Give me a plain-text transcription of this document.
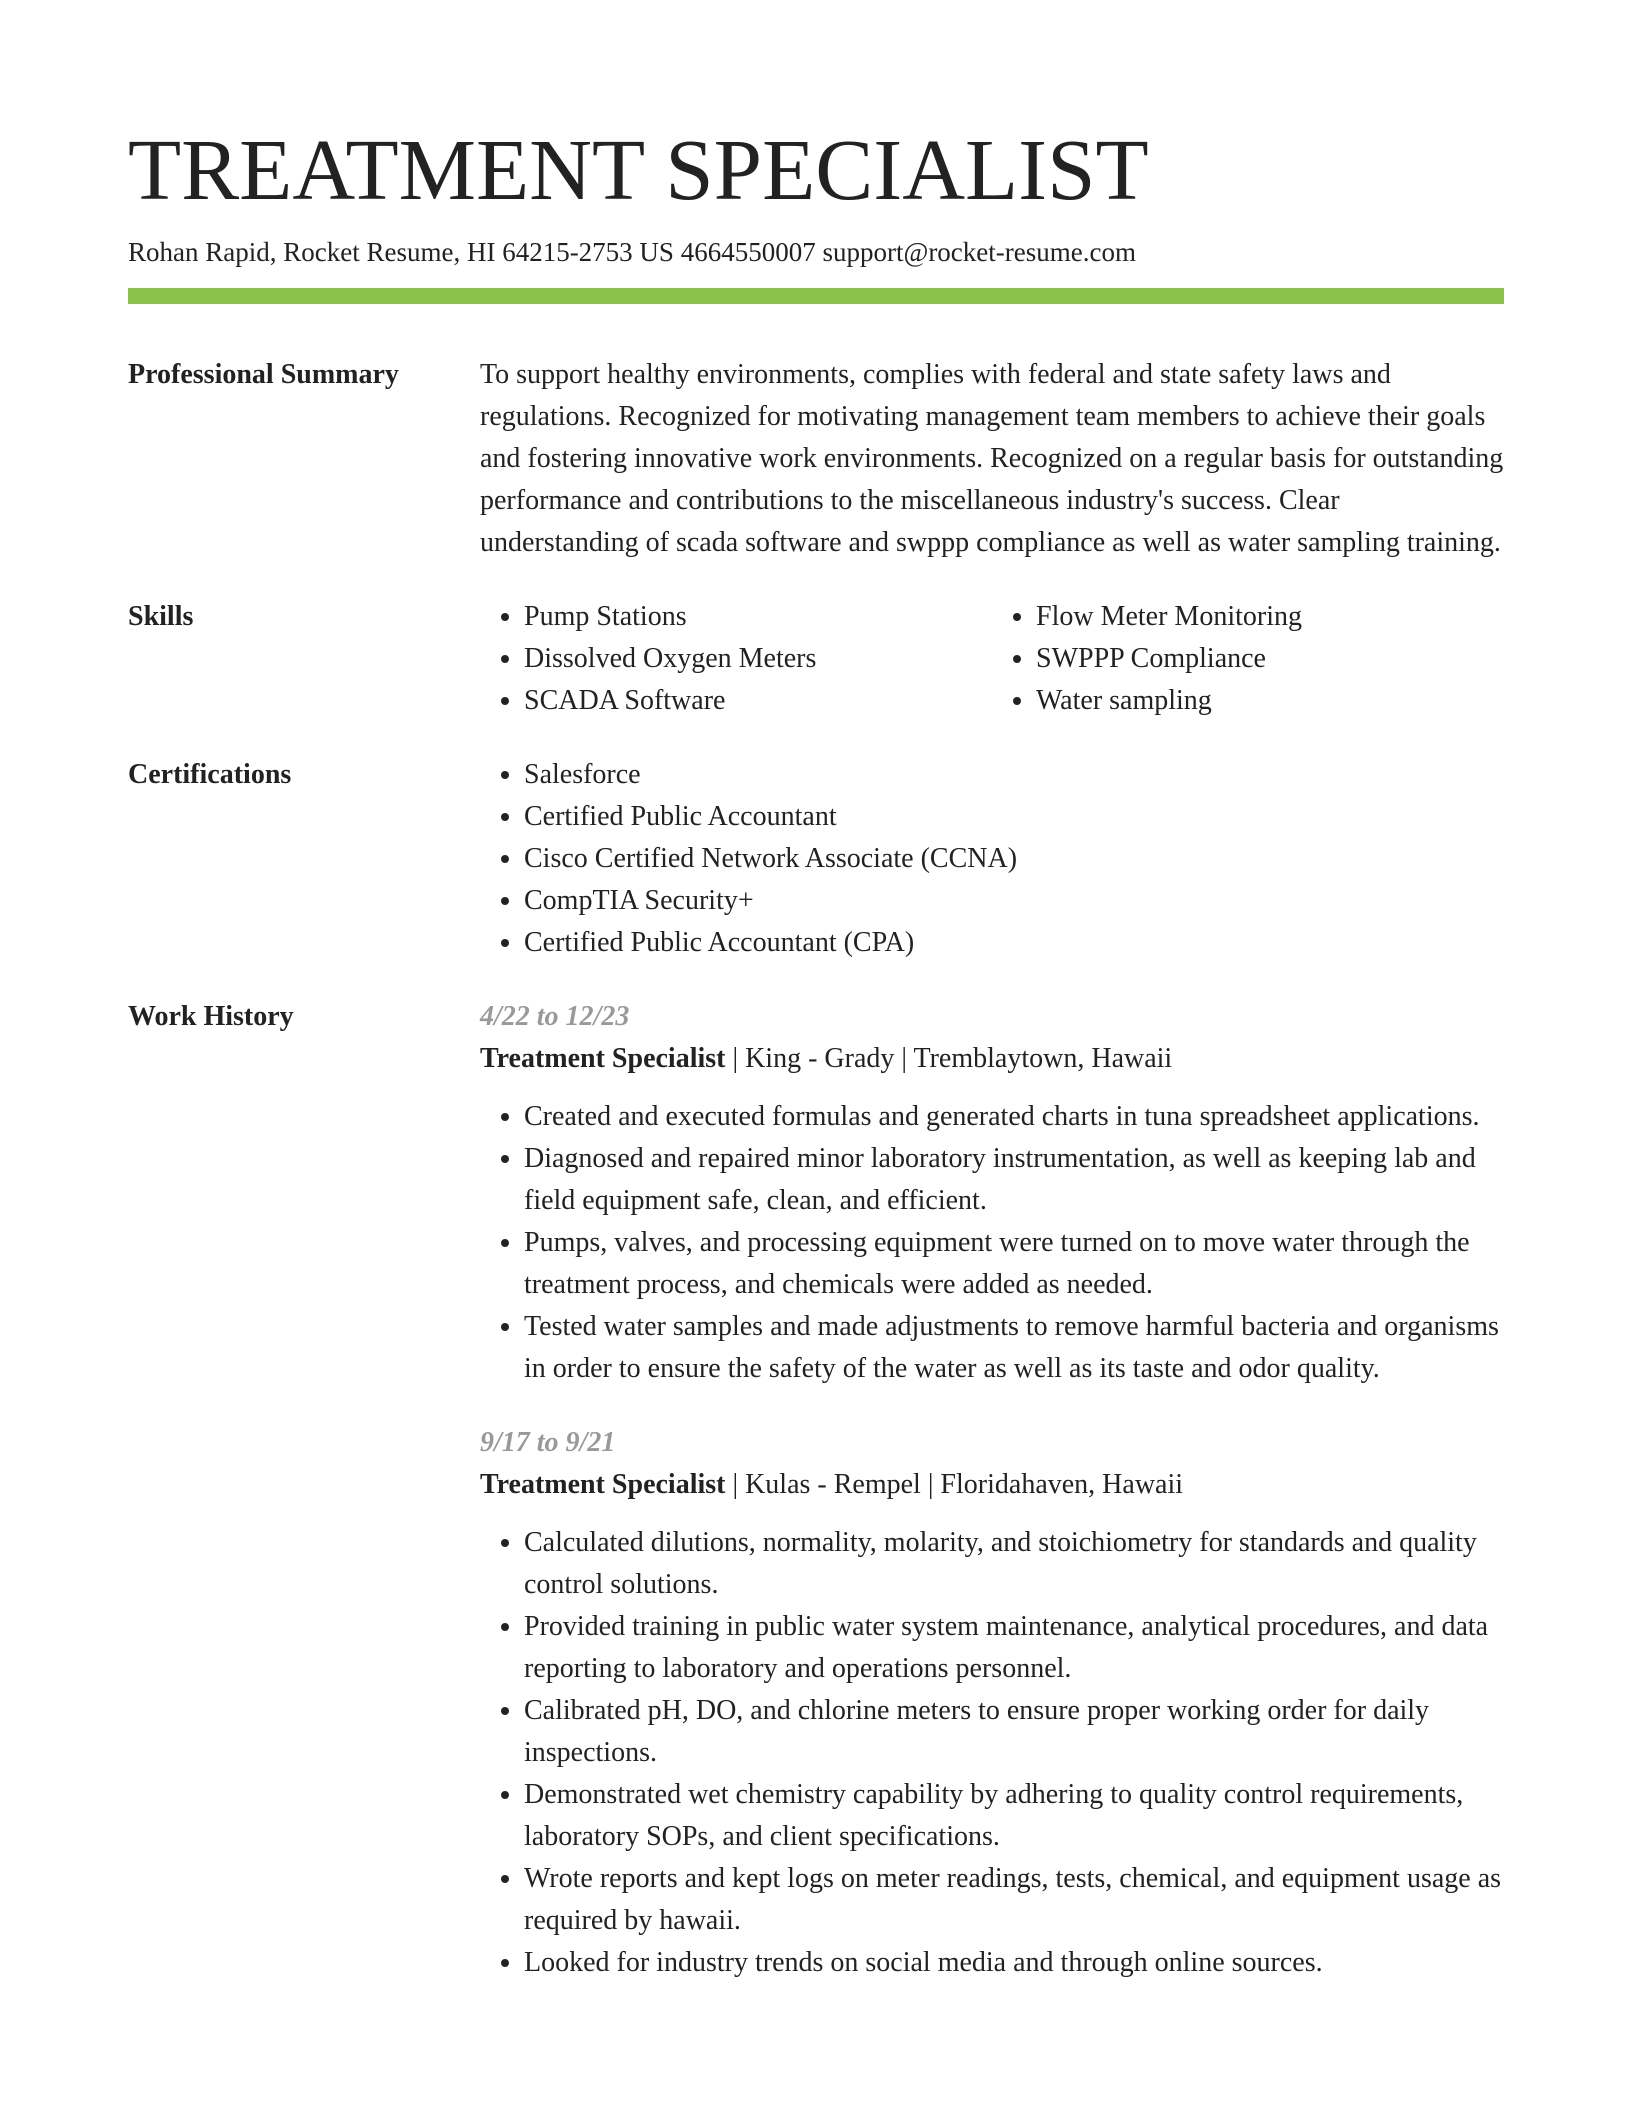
TREATMENT SPECIALIST
Rohan Rapid, Rocket Resume, HI 64215-2753 US 4664550007 support@rocket-resume.com
Professional Summary	To support healthy environments, complies with federal and state safety laws and regulations. Recognized for motivating management team members to achieve their goals and fostering innovative work environments. Recognized on a regular basis for outstanding performance and contributions to the miscellaneous industry's success. Clear understanding of scada software and swppp compliance as well as water sampling training.

Skills	• Pump Stations
• Dissolved Oxygen Meters
• SCADA Software
• Flow Meter Monitoring
• SWPPP Compliance
• Water sampling
Certifications	• Salesforce
• Certified Public Accountant
• Cisco Certified Network Associate (CCNA)
• CompTIA Security+
• Certified Public Accountant (CPA)
Work History	4/22 to 12/23
Treatment Specialist | King - Grady | Tremblaytown, Hawaii
• Created and executed formulas and generated charts in tuna spreadsheet applications.
• Diagnosed and repaired minor laboratory instrumentation, as well as keeping lab and field equipment safe, clean, and efficient.
• Pumps, valves, and processing equipment were turned on to move water through the treatment process, and chemicals were added as needed.
• Tested water samples and made adjustments to remove harmful bacteria and organisms in order to ensure the safety of the water as well as its taste and odor quality.
9/17 to 9/21
Treatment Specialist | Kulas - Rempel | Floridahaven, Hawaii
• Calculated dilutions, normality, molarity, and stoichiometry for standards and quality control solutions.
• Provided training in public water system maintenance, analytical procedures, and data reporting to laboratory and operations personnel.
• Calibrated pH, DO, and chlorine meters to ensure proper working order for daily inspections.
• Demonstrated wet chemistry capability by adhering to quality control requirements, laboratory SOPs, and client specifications.
• Wrote reports and kept logs on meter readings, tests, chemical, and equipment usage as required by hawaii.
• Looked for industry trends on social media and through online sources.
